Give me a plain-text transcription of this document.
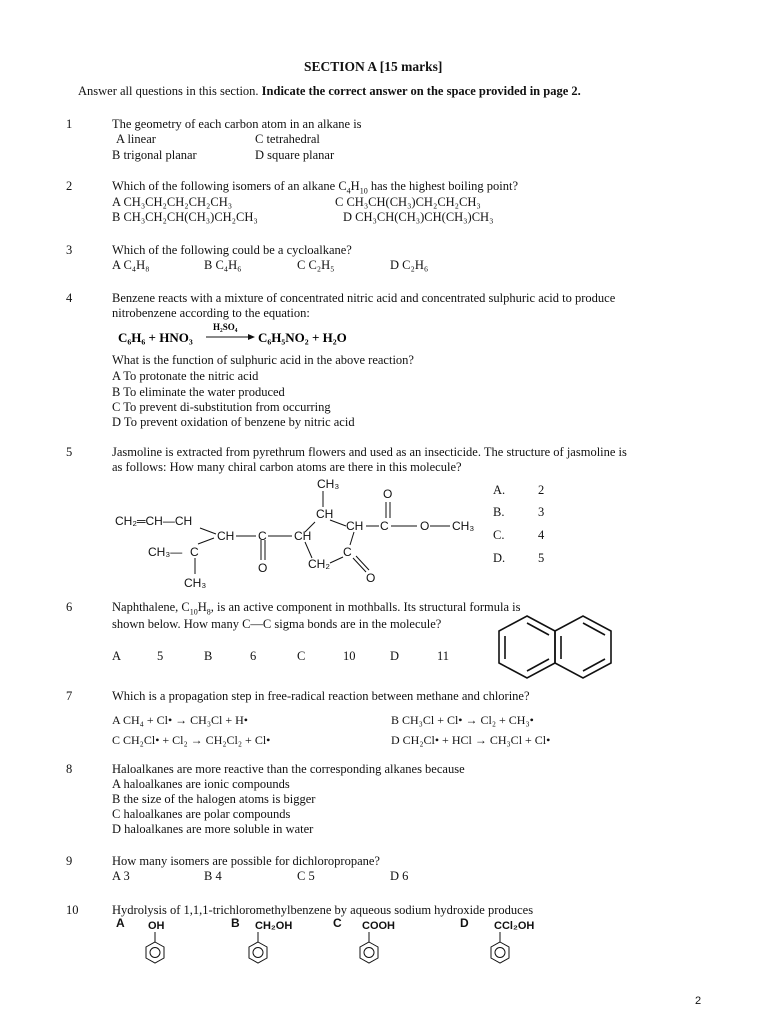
SECTION A [15 marks]
Answer all questions in this section. Indicate the correct answer on the space provided in page 2.
1	The geometry of each carbon atom in an alkane is
A linear	C tetrahedral
B trigonal planar	D square planar
2	Which of the following isomers of an alkane $C_4H_{10}$ has the highest boiling point?
A CH₃CH₂CH₂CH₂CH₃	C CH₃CH(CH₃)CH₂CH₂CH₃
B CH₃CH₂CH(CH₃)CH₂CH₃	D CH₃CH(CH₃)CH(CH₃)CH₃
3	Which of the following could be a cycloalkane?
A C₄H₈	B C₄H₆	C C₂H₅	D C₂H₆
4	Benzene reacts with a mixture of concentrated nitric acid and concentrated sulphuric acid to produce
nitrobenzene according to the equation:
C₆H₆ + HNO₃
H₂SO₄
C₆H₅NO₂ + H₂O
What is the function of sulphuric acid in the above reaction?
A To protonate the nitric acid
B To eliminate the water produced
C To prevent di-substitution from occurring
D To prevent oxidation of benzene by nitric acid
5	Jasmoline is extracted from pyrethrum flowers and used as an insecticide. The structure of jasmoline is
as follows: How many chiral carbon atoms are there in this molecule?
CH₃
O
CH₂═CH—CH	CH
CH C	O CH₃
CH C CH
CH₃— C	C
O	CH₂
O
CH₃
A.	2
B.	3
C.	4
D.	5
6	Naphthalene, $C_{10}H_8$, is an active component in mothballs. Its structural formula is
shown below. How many C—C sigma bonds are in the molecule?
A	5	B	6	C	10	D	11
7	Which is a propagation step in free-radical reaction between methane and chlorine?
A CH₄ + Cl• → CH₃Cl + H•	B CH₃Cl + Cl• → Cl₂ + CH₃•
C CH₂Cl• + Cl₂ → CH₂Cl₂ + Cl•	D CH₂Cl• + HCl → CH₃Cl + Cl•
8	Haloalkanes are more reactive than the corresponding alkanes because
A haloalkanes are ionic compounds
B the size of the halogen atoms is bigger
C haloalkanes are polar compounds
D haloalkanes are more soluble in water
9	How many isomers are possible for dichloropropane?
A 3	B 4	C 5	D 6
10	Hydrolysis of 1,1,1-trichloromethylbenzene by aqueous sodium hydroxide produces
A OH	B CH₂OH	C COOH	D CCl₂OH
2
